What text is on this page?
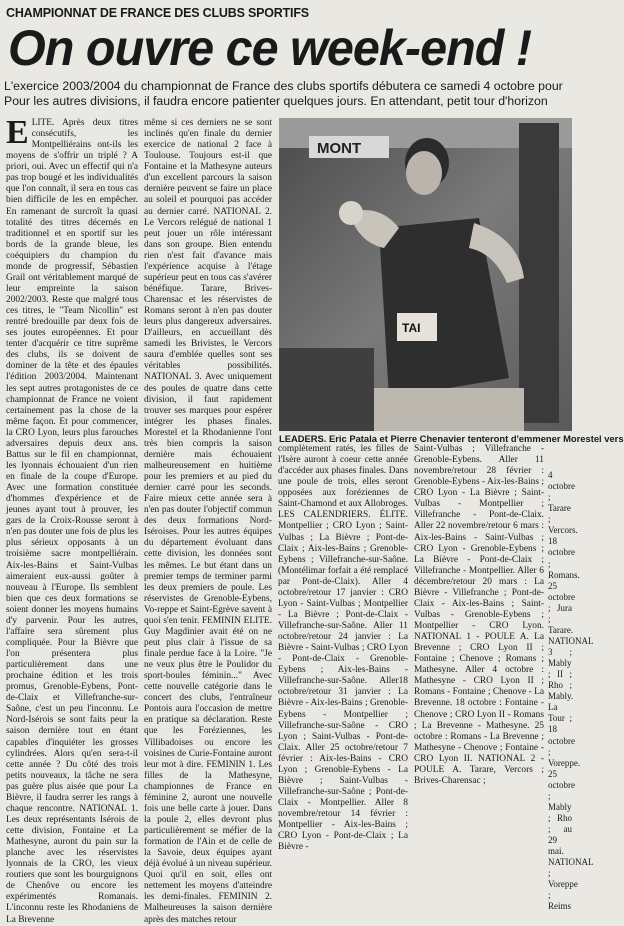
CHAMPIONNAT DE FRANCE DES CLUBS SPORTIFS
On ouvre ce week-end !
L'exercice 2003/2004 du championnat de France des clubs sportifs débutera ce samedi 4 octobre pour
Pour les autres divisions, il faudra encore patienter quelques jours. En attendant, petit tour d'horizon
ELITE. Après deux titres consécutifs, les Montpelliérains ont-ils les moyens de s'offrir un triplé ? A priori, oui. Avec un effectif qui n'a pas trop bougé et les individualités que l'on connaît, il sera en tous cas bien difficile de les en empêcher. En ramenant de surcroît la quasi totalité des titres décernés en traditionnel et en sportif sur les bords de la grande bleue, les coéquipiers du champion du monde de progressif, Sébastien Grail ont véritablement marqué de leur empreinte la saison 2002/2003. Reste que malgré tous ces titres, le "Team Nicollin" est rentré bredouille par deux fois de ses joutes européennes. Et pour tenter d'acquérir ce titre suprême des clubs, ils se doivent de dominer de la tête et des épaules l'édition 2003/2004. Maintenant les sept autres protagonistes de ce championnat de France ne voient certainement pas la chose de la même façon. Et pour commencer, la CRO Lyon, leurs plus farouches adversaires depuis deux ans. Battus sur le fil en championnat, les lyonnais échouaient d'un rien en finale de la coupe d'Europe. Avec une formation constituée d'hommes d'expérience et de jeunes ayant tout à prouver, les gars de la Croix-Rousse seront à n'en pas douter une fois de plus les plus sérieux opposants à un troisième sacre montpelliérain. Aix-les-Bains et Saint-Vulbas aimeraient eux-aussi goûter à nouveau à l'Europe. Ils semblent bien que ces deux formations se soient donner les moyens humains d'y parvenir. Pour les autres, l'affaire sera sûrement plus compliquée. Pour la Bièvre que l'on présentera plus particulièrement dans une prochaine édition et les trois promus, Grenoble-Eybens, Pont-de-Claix et Villefranche-sur-Saône, c'est un peu l'inconnu. Le Nord-Isérois se sont faits peur la saison dernière tout en étant capables d'inquiéter les grosses cylindrées. Alors qu'en sera-t-il cette année ? Du côté des trois petits nouveaux, la tâche ne sera pas guère plus aisée que pour La Bièvre, il faudra serrer les rangs à chaque rencontre. NATIONAL 1. Les deux représentants Isérois de cette division, Fontaine et La Mathesyne, auront du pain sur la planche avec les réservistes lyonnais de la CRO, les vieux routiers que sont les bourguignons de Chenôve ou encore les expérimentés Romanais. L'inconnu reste les Rhodaniens de La Brevenne
même si ces derniers ne se sont inclinés qu'en finale du dernier exercice de national 2 face à Toulouse. Toujours est-il que Fontaine et la Mathesyne auteurs d'un excellent parcours la saison dernière peuvent se faire un place au soleil et pourquoi pas accéder au dernier carré. NATIONAL 2. Le Vercors relégué de national 1 peut jouer un rôle intéressant dans son groupe. Bien entendu rien n'est fait d'avance mais l'expérience acquise à l'étage supérieur peut en tous cas s'avérer bénéfique. Tarare, Brives-Charensac et les réservistes de Romans seront à n'en pas douter leurs plus dangereux adversaires. D'ailleurs, en accueillant dès samedi les Brivistes, le Vercors saura d'emblée quelles sont ses véritables possibilités. NATIONAL 3. Avec uniquement des poules de quatre dans cette division, il faut rapidement trouver ses marques pour espérer intégrer les phases finales. Morestel et la Rhodanienne l'ont très bien compris la saison dernière mais échouaient malheureusement en huitième pour les premiers et au pied du dernier carré pour les seconds. Faire mieux cette année sera à n'en pas douter l'objectif commun des deux formations Nord-Iséroises. Pour les autres équipes du département évoluant dans cette division, les données sont les mêmes. Le but étant dans un premier temps de terminer parmi les deux premiers de poule. Les réservistes de Grenoble-Eybens, Vo-reppe et Saint-Egrève savent à quoi s'en tenir. FEMININ ELITE. Guy Magdinier avait été on ne peut plus clair à l'issue de sa finale perdue face à la Loire. "Je ne veux plus être le Poulidor du sport-boules féminin..." Avec cette nouvelle catégorie dans le concert des clubs, l'entraîneur Pontois aura l'occasion de mettre en pratique sa déclaration. Reste que les Foréziennes, les Villibadoises ou encore les voisines de Curie-Fontaine auront leur mot à dire. FEMININ 1. Les filles de la Mathesyne, championnes de France en féminine 2, auront une nouvelle fois une belle carte à jouer. Dans la poule 2, elles devront plus particulièrement se méfier de la formation de l'Ain et de celle de la Savoie, deux équipes ayant déjà évolué à un niveau supérieur. Quoi qu'il en soit, elles ont nettement les moyens d'atteindre les demi-finales. FEMININ 2. Malheureuses la saison dernière après des matches retour
MONT
TAI
LEADERS. Eric Patala et Pierre Chenavier tenteront d'emmener Morestel vers
complètement ratés, les filles de l'Isère auront à coeur cette année d'accéder aux phases finales. Dans une poule de trois, elles seront opposées aux foréziennes de Saint-Chamond et aux Allobroges. LES CALENDRIERS. ÉLITE. Montpellier ; CRO Lyon ; Saint-Vulbas ; La Bièvre ; Pont-de-Claix ; Aix-les-Bains ; Grenoble-Eybens ; Villefranche-sur-Saône. (Montélimar forfait a été remplacé par Pont-de-Claix). Aller 4 octobre/retour 17 janvier : CRO Lyon - Saint-Vulbas ; Montpellier - La Bièvre ; Pont-de-Claix - Villefranche-sur-Saône. Aller 11 octobre/retour 24 janvier : La Bièvre - Saint-Vulbas ; CRO Lyon - Pont-de-Claix - Grenoble-Eybens ; Aix-les-Bains - Villefranche-sur-Saône. Aller18 octobre/retour 31 janvier : La Bièvre - Aix-les-Bains ; Grenoble-Eybens - Montpellier ; Villefranche-sur-Saône - CRO Lyon ; Saint-Vulbas - Pont-de-Claix. Aller 25 octobre/retour 7 février : Aix-les-Bains - CRO Lyon ; Grenoble-Eybens - La Bièvre ; Saint-Vulbas - Villefranche-sur-Saône ; Pont-de-Claix - Montpellier. Aller 8 novembre/retour 14 février : Montpellier - Aix-les-Bains ; CRO Lyon - Pont-de-Claix ; La Bièvre -
Saint-Vulbas ; Villefranche - Grenoble-Eybens. Aller 11 novembre/retour 28 février : Grenoble-Eybens - Aix-les-Bains ; CRO Lyon - La Bièvre ; Saint-Vulbas - Montpellier ; Villefranche - Pont-de-Claix. Aller 22 novembre/retour 6 mars : Aix-les-Bains - Saint-Vulbas ; CRO Lyon - Grenoble-Eybens ; La Bièvre - Pont-de-Claix ; Villefranche - Montpellier. Aller 6 décembre/retour 20 mars : La Bièvre - Villefranche ; Pont-de-Claix - Aix-les-Bains ; Saint-Vulbas - Grenoble-Eybens ; Montpellier - CRO Lyon. NATIONAL 1 - POULE A. La Brevenne ; CRO Lyon II ; Fontaine ; Chenove ; Romans ; Mathesyne. Aller 4 octobre : Mathesyne - CRO Lyon II ; Romans - Fontaine ; Chenove - La Brevenne. 18 octobre : Fontaine - Chenove ; CRO Lyon II - Romans ; La Brevenne - Mathesyne. 25 octobre : Romans - La Brevenne ; Mathesyne - Chenove ; Fontaine - CRO Lyon II. NATIONAL 2 - POULE A. Tarare, Vercors ; Brives-Charensac ;
4 octobre ; Tarare ; Vercors. 18 octobre ; Romans. 25 octobre ; Jura ; Tarare. NATIONAL 3 ; Mably ; II ; Rho ; Mably. La Tour ; 18 octobre ; Voreppe. 25 octobre ; Mably ; Rho ; au 29 mai. NATIONAL ; Voreppe ; Reims
